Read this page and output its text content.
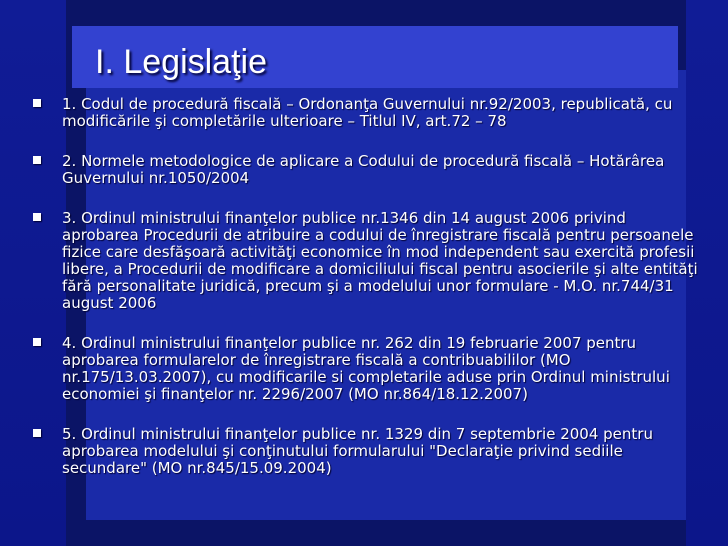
I. Legislaţie
1. Codul de procedură fiscală – Ordonanţa Guvernului nr.92/2003, republicată, cu modificările şi completările ulterioare – Titlul IV, art.72 – 78
2. Normele metodologice de aplicare a Codului de procedură fiscală – Hotărârea Guvernului nr.1050/2004
3. Ordinul ministrului finanţelor publice nr.1346 din 14 august 2006 privind aprobarea Procedurii de atribuire a codului de înregistrare fiscală pentru persoanele fizice care desfăşoară activităţi economice în mod independent sau exercită profesii libere, a Procedurii de modificare a domiciliului fiscal pentru asocierile şi alte entităţi fără personalitate juridică, precum şi a modelului unor formulare - M.O. nr.744/31 august 2006
4. Ordinul ministrului finanţelor publice nr. 262 din 19 februarie 2007 pentru aprobarea formularelor de înregistrare fiscală a contribuabililor (MO nr.175/13.03.2007), cu modificarile si completarile aduse prin Ordinul ministrului economiei şi finanţelor nr. 2296/2007 (MO nr.864/18.12.2007)
5. Ordinul ministrului finanţelor publice nr. 1329 din 7 septembrie 2004 pentru aprobarea modelului şi conţinutului formularului "Declaraţie privind sediile secundare" (MO nr.845/15.09.2004)
